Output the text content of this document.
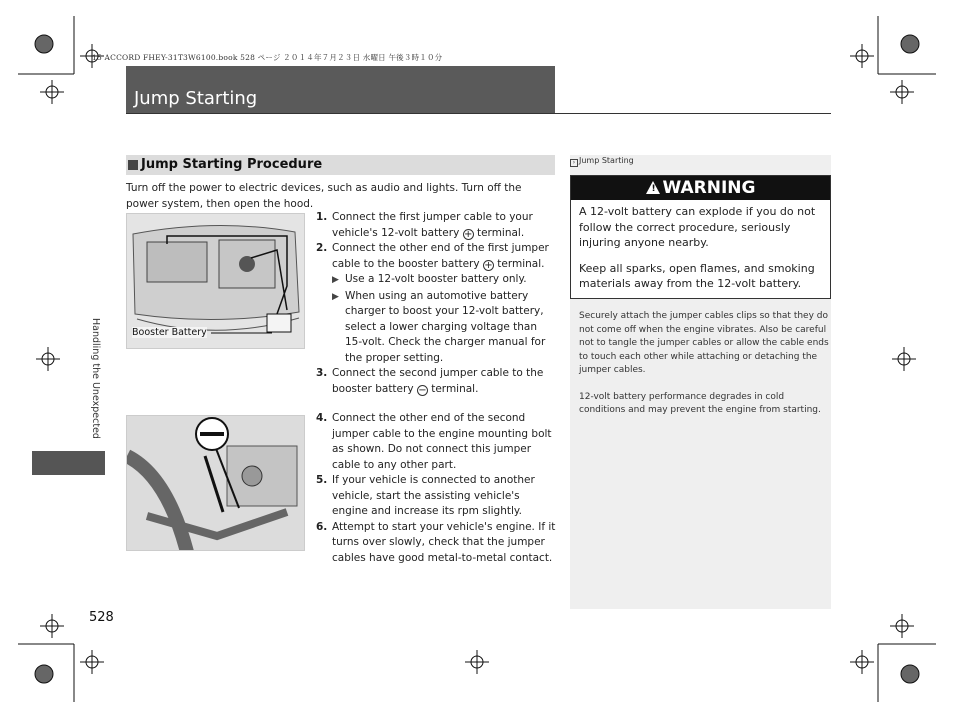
15 ACCORD FHEY-31T3W6100.book 528 ページ ２０１４年７月２３日 水曜日 午後３時１０分
Jump Starting
Handling the Unexpected
Jump Starting Procedure

Turn off the power to electric devices, such as audio and lights. Turn off the power system, then open the hood.

Booster Battery
1. Connect the first jumper cable to your vehicle's 12-volt battery + terminal.
2. Connect the other end of the first jumper cable to the booster battery + terminal.
▶ Use a 12-volt booster battery only.
▶ When using an automotive battery charger to boost your 12-volt battery, select a lower charging voltage than 15-volt. Check the charger manual for the proper setting.
3. Connect the second jumper cable to the booster battery − terminal.
4. Connect the other end of the second jumper cable to the engine mounting bolt as shown. Do not connect this jumper cable to any other part.
5. If your vehicle is connected to another vehicle, start the assisting vehicle's engine and increase its rpm slightly.
6. Attempt to start your vehicle's engine. If it turns over slowly, check that the jumper cables have good metal-to-metal contact.
› Jump Starting
! WARNING

A 12-volt battery can explode if you do not follow the correct procedure, seriously injuring anyone nearby.

Keep all sparks, open flames, and smoking materials away from the 12-volt battery.

Securely attach the jumper cables clips so that they do not come off when the engine vibrates. Also be careful not to tangle the jumper cables or allow the cable ends to touch each other while attaching or detaching the jumper cables.

12-volt battery performance degrades in cold conditions and may prevent the engine from starting.

528
